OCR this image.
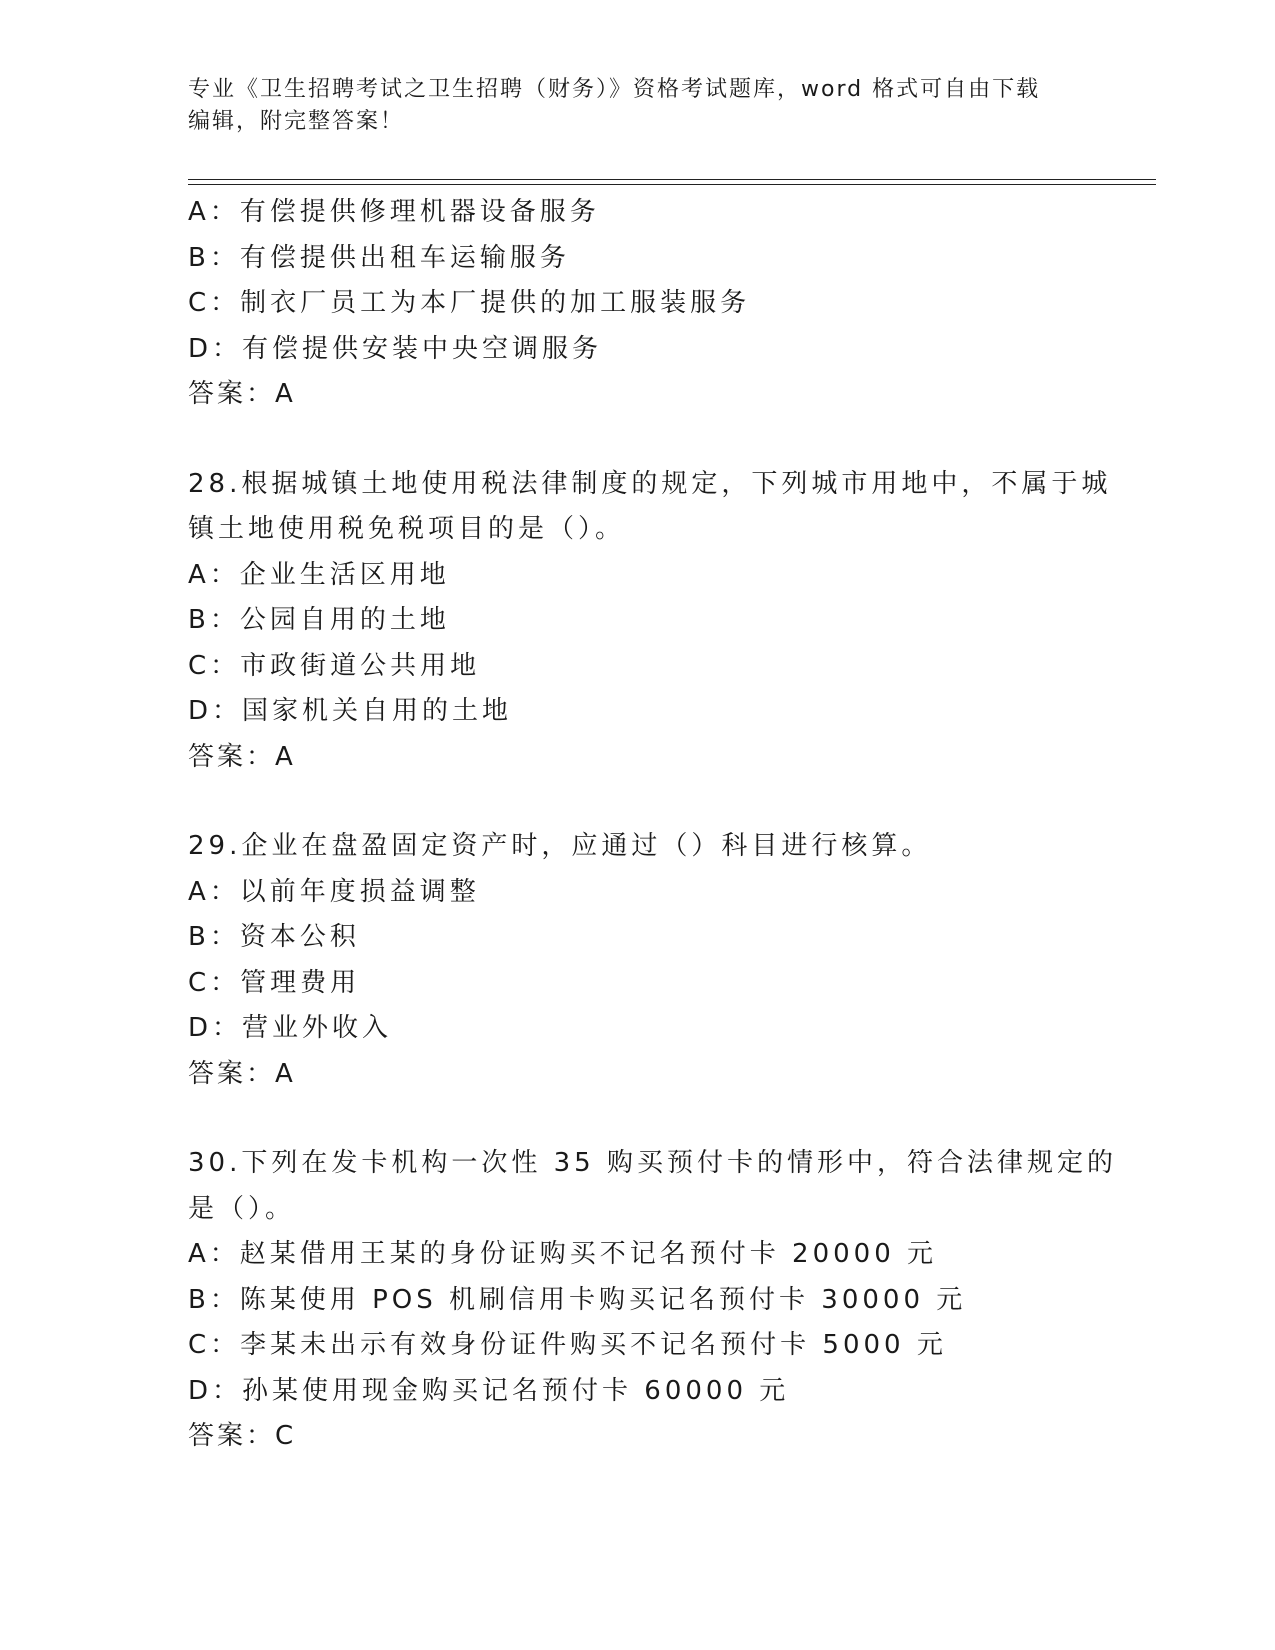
专业《卫生招聘考试之卫生招聘（财务）》资格考试题库，word 格式可自由下载
编辑，附完整答案！
A：有偿提供修理机器设备服务
B：有偿提供出租车运输服务
C：制衣厂员工为本厂提供的加工服装服务
D：有偿提供安装中央空调服务
答案：A
28.根据城镇土地使用税法律制度的规定，下列城市用地中，不属于城
镇土地使用税免税项目的是（）。
A：企业生活区用地
B：公园自用的土地
C：市政街道公共用地
D：国家机关自用的土地
答案：A
29.企业在盘盈固定资产时，应通过（）科目进行核算。
A：以前年度损益调整
B：资本公积
C：管理费用
D：营业外收入
答案：A
30.下列在发卡机构一次性 35 购买预付卡的情形中，符合法律规定的
是（）。
A：赵某借用王某的身份证购买不记名预付卡 20000 元
B：陈某使用 POS 机刷信用卡购买记名预付卡 30000 元
C：李某未出示有效身份证件购买不记名预付卡 5000 元
D：孙某使用现金购买记名预付卡 60000 元
答案：C
